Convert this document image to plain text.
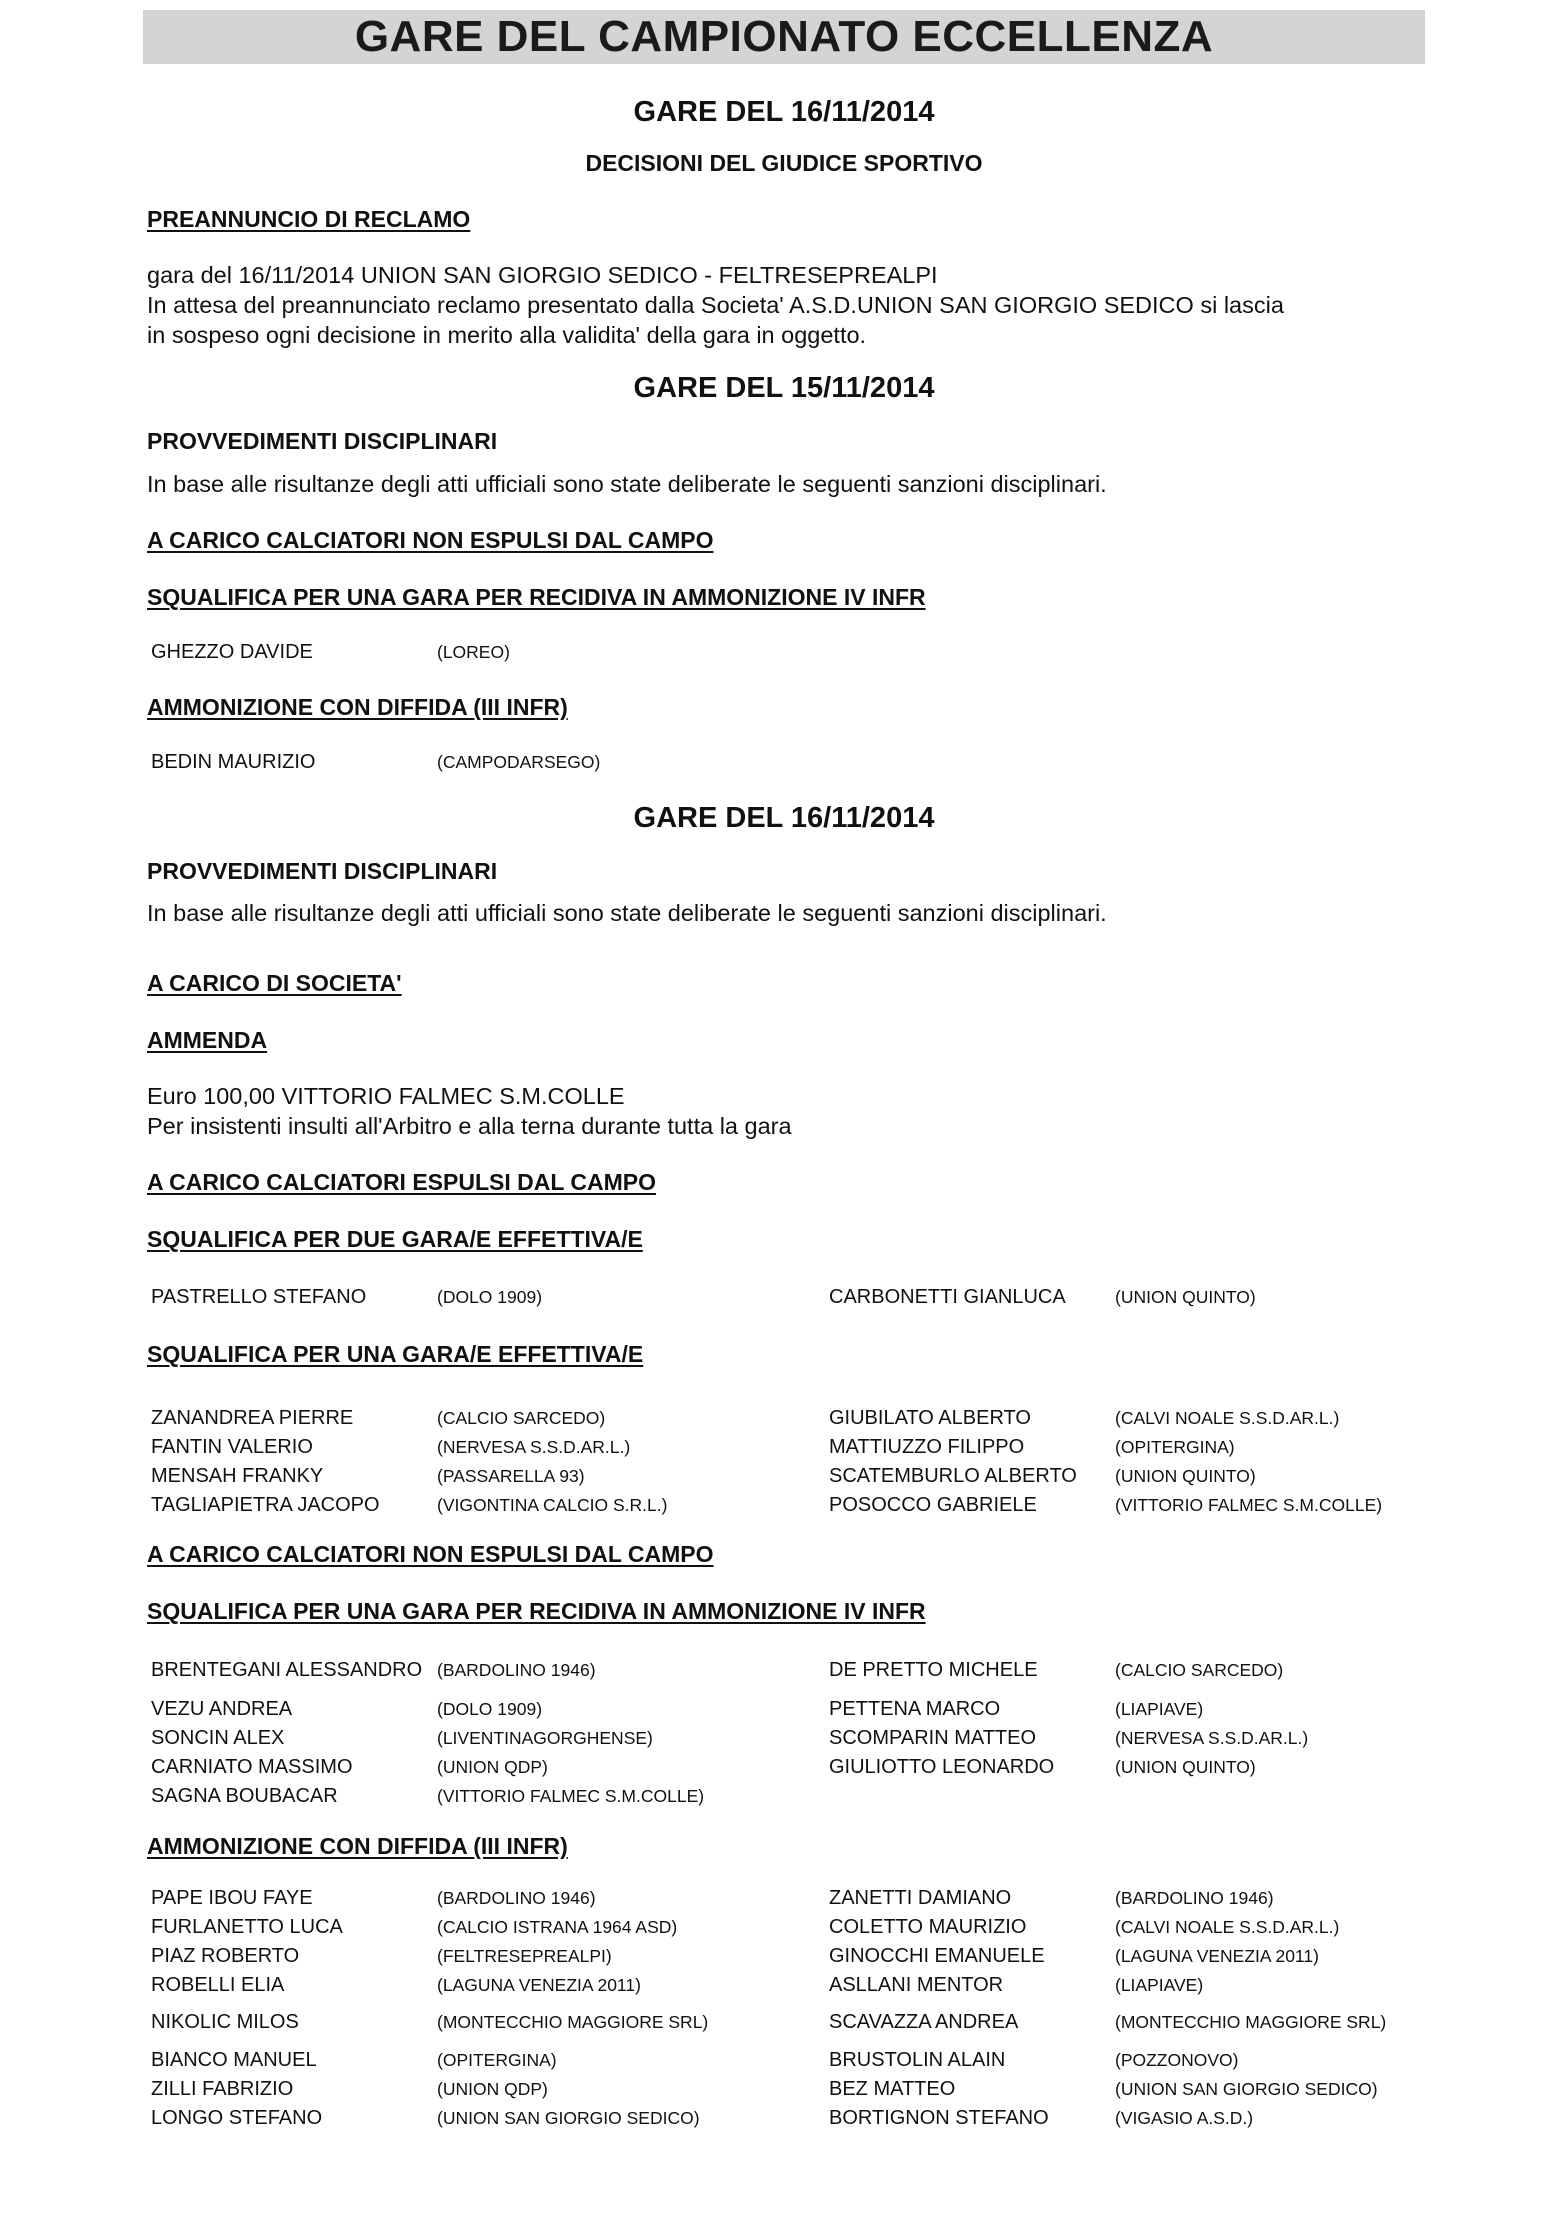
GARE DEL CAMPIONATO ECCELLENZA
GARE DEL 16/11/2014
DECISIONI DEL GIUDICE SPORTIVO
PREANNUNCIO DI RECLAMO
gara del 16/11/2014 UNION SAN GIORGIO SEDICO - FELTRESEPREALPI
In attesa del preannunciato reclamo presentato dalla Societa' A.S.D.UNION SAN GIORGIO SEDICO si lascia
in sospeso ogni decisione in merito alla validita' della gara in oggetto.
GARE DEL 15/11/2014
PROVVEDIMENTI DISCIPLINARI
In base alle risultanze degli atti ufficiali sono state deliberate le seguenti sanzioni disciplinari.
A CARICO CALCIATORI NON ESPULSI DAL CAMPO
SQUALIFICA PER UNA GARA PER RECIDIVA IN AMMONIZIONE IV INFR
GHEZZO DAVIDE	(LOREO)
AMMONIZIONE CON DIFFIDA (III INFR)
BEDIN MAURIZIO	(CAMPODARSEGO)
GARE DEL 16/11/2014
PROVVEDIMENTI DISCIPLINARI
In base alle risultanze degli atti ufficiali sono state deliberate le seguenti sanzioni disciplinari.
A CARICO DI SOCIETA'
AMMENDA
Euro 100,00 VITTORIO FALMEC S.M.COLLE
Per insistenti insulti all'Arbitro e alla terna durante tutta la gara
A CARICO CALCIATORI ESPULSI DAL CAMPO
SQUALIFICA PER DUE GARA/E EFFETTIVA/E
PASTRELLO STEFANO	(DOLO 1909)	CARBONETTI GIANLUCA	(UNION QUINTO)
SQUALIFICA PER UNA GARA/E EFFETTIVA/E
ZANANDREA PIERRE	(CALCIO SARCEDO)	GIUBILATO ALBERTO	(CALVI NOALE S.S.D.AR.L.)
FANTIN VALERIO	(NERVESA S.S.D.AR.L.)	MATTIUZZO FILIPPO	(OPITERGINA)
MENSAH FRANKY	(PASSARELLA 93)	SCATEMBURLO ALBERTO	(UNION QUINTO)
TAGLIAPIETRA JACOPO	(VIGONTINA CALCIO S.R.L.)	POSOCCO GABRIELE	(VITTORIO FALMEC S.M.COLLE)
A CARICO CALCIATORI NON ESPULSI DAL CAMPO
SQUALIFICA PER UNA GARA PER RECIDIVA IN AMMONIZIONE IV INFR
BRENTEGANI ALESSANDRO (BARDOLINO 1946)	DE PRETTO MICHELE	(CALCIO SARCEDO)
VEZU ANDREA	(DOLO 1909)	PETTENA MARCO	(LIAPIAVE)
SONCIN ALEX	(LIVENTINAGORGHENSE)	SCOMPARIN MATTEO	(NERVESA S.S.D.AR.L.)
CARNIATO MASSIMO	(UNION QDP)	GIULIOTTO LEONARDO	(UNION QUINTO)
SAGNA BOUBACAR	(VITTORIO FALMEC S.M.COLLE)
AMMONIZIONE CON DIFFIDA (III INFR)
PAPE IBOU FAYE	(BARDOLINO 1946)	ZANETTI DAMIANO	(BARDOLINO 1946)
FURLANETTO LUCA	(CALCIO ISTRANA 1964 ASD)	COLETTO MAURIZIO	(CALVI NOALE S.S.D.AR.L.)
PIAZ ROBERTO	(FELTRESEPREALPI)	GINOCCHI EMANUELE	(LAGUNA VENEZIA 2011)
ROBELLI ELIA	(LAGUNA VENEZIA 2011)	ASLLANI MENTOR	(LIAPIAVE)
NIKOLIC MILOS	(MONTECCHIO MAGGIORE SRL)	SCAVAZZA ANDREA	(MONTECCHIO MAGGIORE SRL)
BIANCO MANUEL	(OPITERGINA)	BRUSTOLIN ALAIN	(POZZONOVO)
ZILLI FABRIZIO	(UNION QDP)	BEZ MATTEO	(UNION SAN GIORGIO SEDICO)
LONGO STEFANO	(UNION SAN GIORGIO SEDICO)	BORTIGNON STEFANO	(VIGASIO A.S.D.)
